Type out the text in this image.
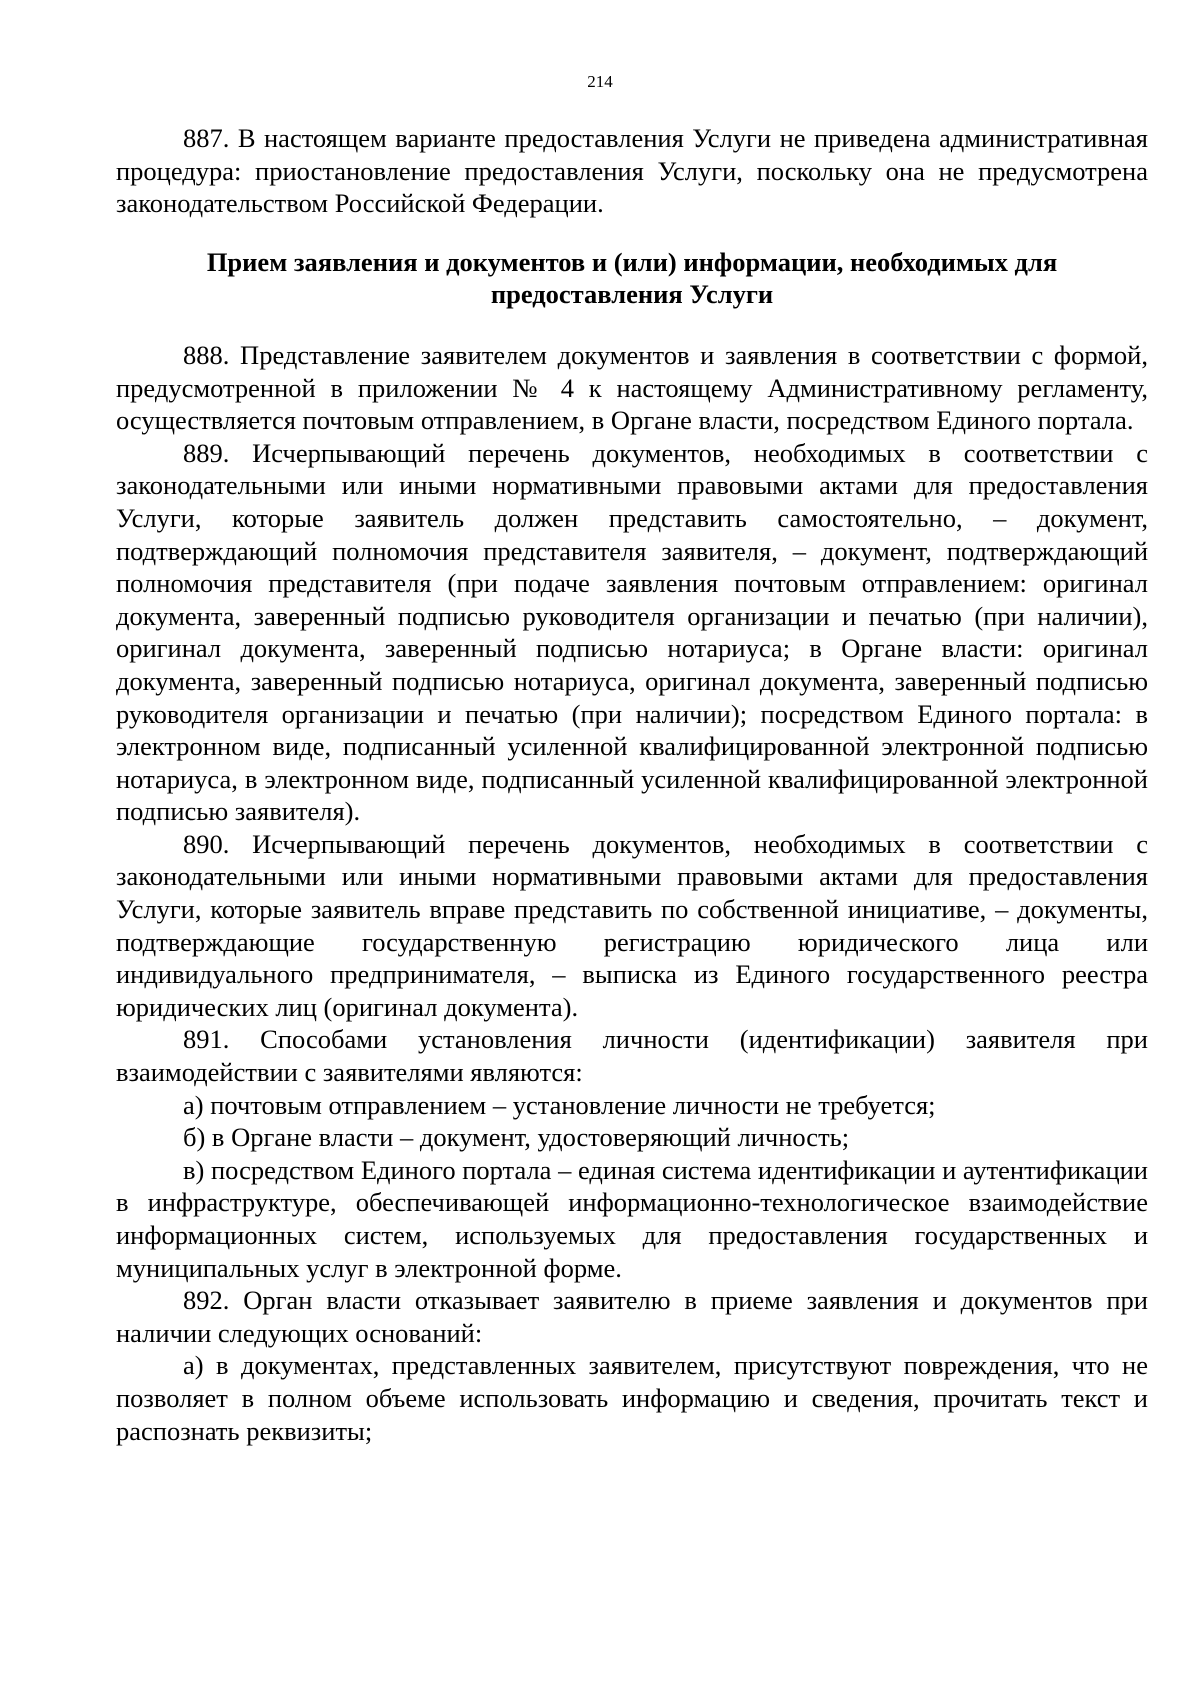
214

887. В настоящем варианте предоставления Услуги не приведена административная процедура: приостановление предоставления Услуги, поскольку она не предусмотрена законодательством Российской Федерации.

Прием заявления и документов и (или) информации, необходимых для предоставления Услуги

888. Представление заявителем документов и заявления в соответствии с формой, предусмотренной в приложении № 4 к настоящему Административному регламенту, осуществляется почтовым отправлением, в Органе власти, посредством Единого портала.

889. Исчерпывающий перечень документов, необходимых в соответствии с законодательными или иными нормативными правовыми актами для предоставления Услуги, которые заявитель должен представить самостоятельно, – документ, подтверждающий полномочия представителя заявителя, – документ, подтверждающий полномочия представителя (при подаче заявления почтовым отправлением: оригинал документа, заверенный подписью руководителя организации и печатью (при наличии), оригинал документа, заверенный подписью нотариуса; в Органе власти: оригинал документа, заверенный подписью нотариуса, оригинал документа, заверенный подписью руководителя организации и печатью (при наличии); посредством Единого портала: в электронном виде, подписанный усиленной квалифицированной электронной подписью нотариуса, в электронном виде, подписанный усиленной квалифицированной электронной подписью заявителя).

890. Исчерпывающий перечень документов, необходимых в соответствии с законодательными или иными нормативными правовыми актами для предоставления Услуги, которые заявитель вправе представить по собственной инициативе, – документы, подтверждающие государственную регистрацию юридического лица или индивидуального предпринимателя, – выписка из Единого государственного реестра юридических лиц (оригинал документа).

891. Способами установления личности (идентификации) заявителя при взаимодействии с заявителями являются:

а) почтовым отправлением – установление личности не требуется;

б) в Органе власти – документ, удостоверяющий личность;

в) посредством Единого портала – единая система идентификации и аутентификации в инфраструктуре, обеспечивающей информационно-технологическое взаимодействие информационных систем, используемых для предоставления государственных и муниципальных услуг в электронной форме.

892. Орган власти отказывает заявителю в приеме заявления и документов при наличии следующих оснований:

а) в документах, представленных заявителем, присутствуют повреждения, что не позволяет в полном объеме использовать информацию и сведения, прочитать текст и распознать реквизиты;
